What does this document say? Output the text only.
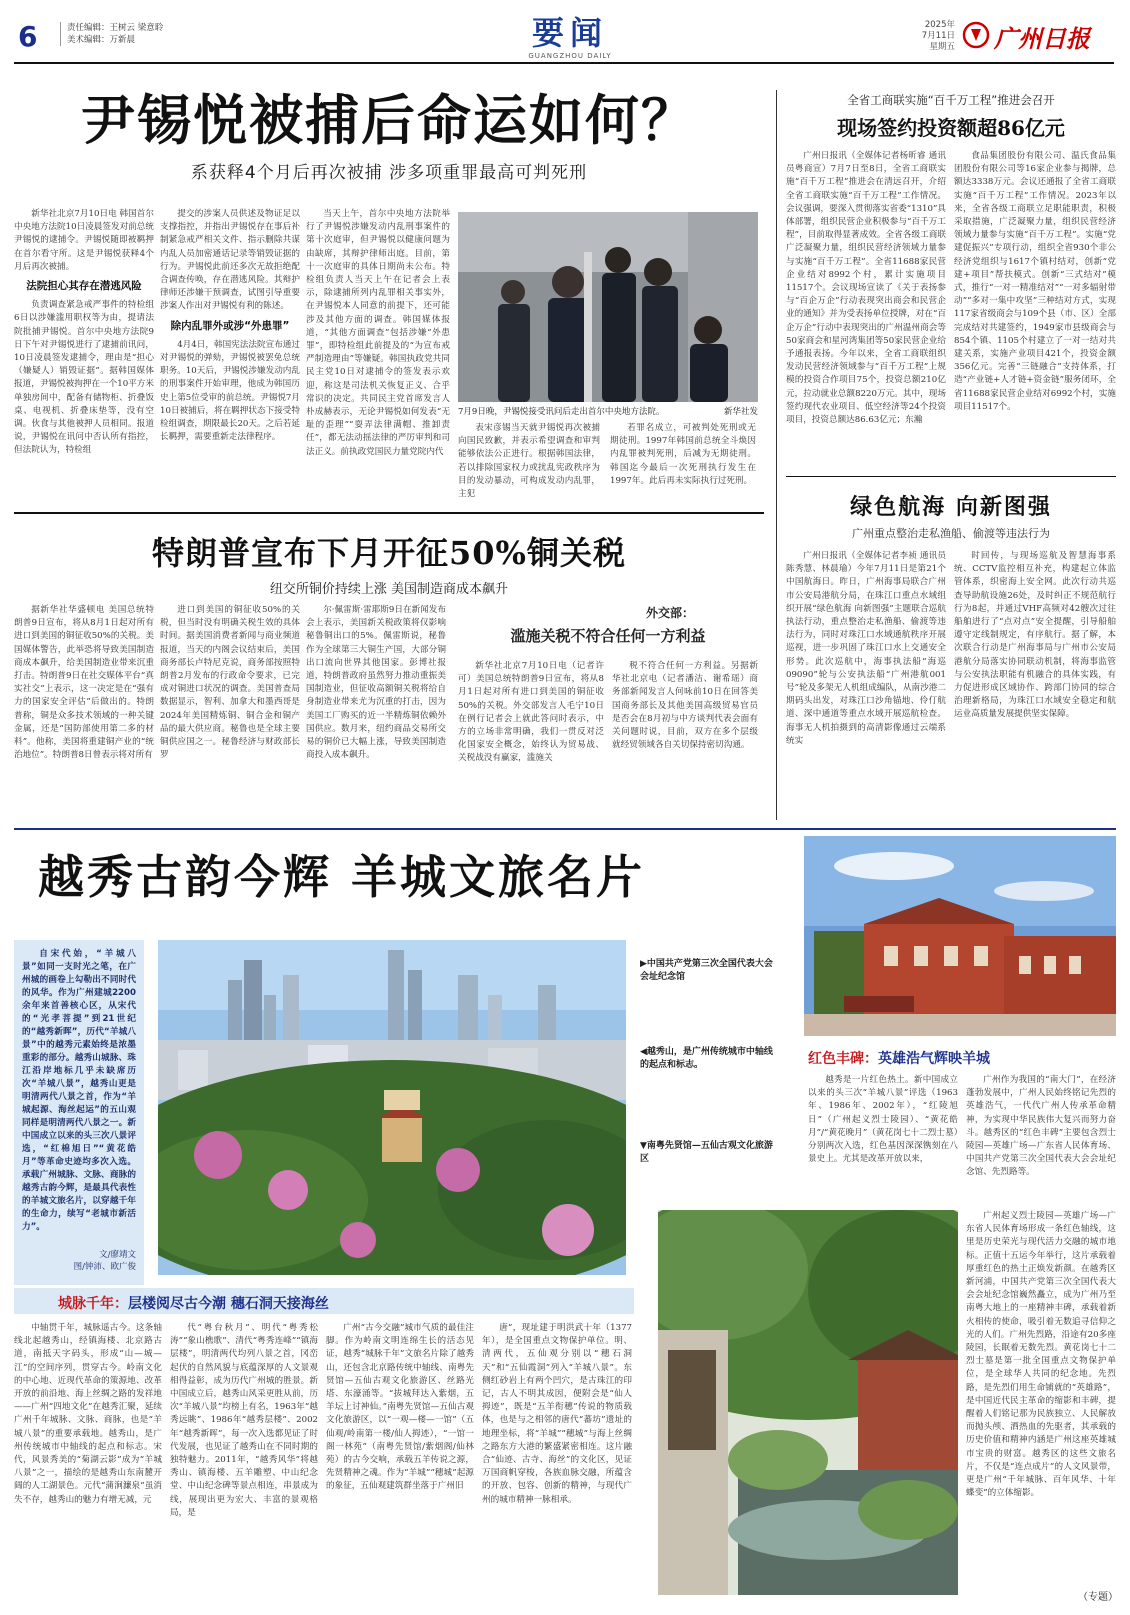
6	责任编辑：王树云 梁意聆
美术编辑：万新晨	要闻
GUANGZHOU DAILY
2025年
7月11日
星期五 广州日报
尹锡悦被捕后命运如何？
系获释4个月后再次被捕 涉多项重罪最高可判死刑

新华社北京7月10日电 韩国首尔中央地方法院10日凌晨签发对前总统尹锡悦的逮捕令。尹锡悦随即被羁押在首尔看守所。这是尹锡悦获释4个月后再次被捕。

法院担心其存在潜逃风险

负责调查紧急戒严事件的特检组6日以涉嫌滥用职权等为由，提请法院批捕尹锡悦。首尔中央地方法院9日下午对尹锡悦进行了逮捕前讯问，10日凌晨签发逮捕令，理由是“担心（嫌疑人）销毁证据”。据韩国媒体报道，尹锡悦被拘押在一个10平方米单独房间中，配备有储物柜、折叠饭桌、电视机、折叠床垫等，没有空调。伙食与其他被押人员相同。报道说，尹锡悦在讯问中否认所有指控，但法院认为，特检组

提交的涉案人员供述及物证足以支撑指控，并指出尹锡悦存在事后补制紧急戒严相关文件、指示删除共谋内乱人员加密通话记录等销毁证据的行为。尹锡悦此前还多次无故拒绝配合调查传唤，存在潜逃风险。其辩护律师还涉嫌干预调查，试图引导重要涉案人作出对尹锡悦有利的陈述。

除内乱罪外或涉“外患罪”

4月4日，韩国宪法法院宣布通过对尹锡悦的弹劾，尹锡悦被罢免总统职务。10天后，尹锡悦涉嫌发动内乱的刑事案件开始审理，他成为韩国历史上第5位受审的前总统。尹锡悦7月10日被捕后，将在羁押状态下接受特检组调查，期限最长20天。之后若延长羁押，需要重新走法律程序。

当天上午，首尔中央地方法院举行了尹锡悦涉嫌发动内乱刑事案件的第十次庭审，但尹锡悦以健康问题为由缺席，其辩护律师出庭。目前，第十一次庭审的具体日期尚未公布。特检组负责人当天上午在记者会上表示，除逮捕所列内乱罪相关事实外，在尹锡悦本人同意的前提下，还可能涉及其他方面的调查。韩国媒体报道，“其他方面调查”包括涉嫌“外患罪”，即特检组此前提及的“为宣布戒严制造理由”等嫌疑。韩国执政党共同民主党10日对逮捕令的签发表示欢迎，称这是司法机关恢复正义、合乎常识的决定。共同民主党首席发言人朴成赫表示，无论尹锡悦如何发表“无耻的歪理”“耍弄法律满帽、推卸责任”，都无法动摇法律的严厉审判和司法正义。前执政党国民力量党院内代

7月9日晚，尹锡悦接受讯问后走出首尔中央地方法院。	新华社发

表宋彦锡当天就尹锡悦再次被捕向国民致歉，并表示希望调查和审判能够依法公正进行。根据韩国法律，若以排除国家权力或扰乱宪政秩序为目的发动暴动，可构成发动内乱罪，主犯

若罪名成立，可被判处死刑或无期徒刑。1997年韩国前总统全斗焕因内乱罪被判死刑，后减为无期徒刑。韩国迄今最后一次死刑执行发生在1997年。此后再未实际执行过死刑。

特朗普宣布下月开征50%铜关税
纽交所铜价持续上涨 美国制造商成本飙升

据新华社华盛顿电 美国总统特朗普9日宣布，将从8月1日起对所有进口到美国的铜征收50%的关税。美国媒体警告，此举恐将导致美国制造商成本飙升，给美国制造业带来沉重打击。特朗普9日在社交媒体平台“真实社交”上表示，这一决定是在“强有力的国家安全评估”后做出的。特朗普称，铜是众多技术领域的一种关键金属，还是“国防部使用第二多的材料”。他称，美国将重建铜产业的“统治地位”。特朗普8日曾表示将对所有

进口到美国的铜征收50%的关税，但当时没有明确关税生效的具体时间。据美国消费者新闻与商业频道报道，当天的内阁会议结束后，美国商务部长卢特尼克说，商务部按照特朗普2月发布的行政命令要求，已完成对铜进口状况的调查。美国普查局数据显示，智利、加拿大和墨西哥是2024年美国精炼铜、铜合金和铜产品的最大供应商。秘鲁也是全球主要铜供应国之一。秘鲁经济与财政部长罗

尔·佩雷斯·雷耶斯9日在新闻发布会上表示，美国新关税政策将仅影响秘鲁铜出口的5%。佩雷斯说，秘鲁作为全球第三大铜生产国，大部分铜出口流向世界其他国家。彭博社报道，特朗普政府虽然努力推动重振美国制造业，但征收高额铜关税将给自身制造业带来尤为沉重的打击，因为美国工厂购买的近一半精炼铜依赖外国供应。数月来，纽约商品交易所交易的铜价已大幅上涨，导致美国制造商投入成本飙升。

外交部：
滥施关税不符合任何一方利益

新华社北京7月10日电（记者许可）美国总统特朗普9日宣布，将从8月1日起对所有进口到美国的铜征收50%的关税。外交部发言人毛宁10日在例行记者会上就此答问时表示，中方的立场非常明确，我们一贯反对泛化国家安全概念，始终认为贸易战、关税战没有赢家，滥施关

税不符合任何一方利益。另据新华社北京电（记者潘洁、谢希瑶）商务部新闻发言人何咏前10日在回答美国商务部长及其他美国高级贸易官员是否会在8月初与中方谈判代表会面有关问题时说，目前，双方在多个层级就经贸领域各自关切保持密切沟通。

全省工商联实施“百千万工程”推进会召开
现场签约投资额超86亿元

广州日报讯（全媒体记者杨昕睿 通讯员粤商宣）7月7日至8日，全省工商联实施“百千万工程”推进会在清远召开，介绍全省工商联实施“百千万工程”工作情况。会议强调，要深入贯彻落实省委“1310”具体部署，组织民营企业积极参与“百千万工程”，目前取得显著成效。全省各级工商联广泛凝聚力量，组织民营经济领域力量参与实施“百千万工程”。全省11688家民营企业结对8992个村，累计实施项目11517个。会议现场宣读了《关于表扬参与“百企万企”行动表现突出商会和民营企业的通知》并为受表扬单位授牌，对在“百企万企”行动中表现突出的广州温州商会等50家商会和星河湾集团等50家民营企业给予通报表扬。今年以来，全省工商联组织发动民营经济领域参与“百千万工程”上规模的投资合作项目75个，投资总额210亿元，拉动就业总额8220万元。其中，现场签约现代农业项目、低空经济等24个投资项目，投资总额达86.63亿元；东瀚

食品集团股份有限公司、温氏食品集团股份有限公司等16家企业参与揭牌，总额达3338万元。会议还通报了全省工商联实施“百千万工程”工作情况。2023年以来，全省各级工商联立足职能职责，积极采取措施，广泛凝聚力量，组织民营经济领域力量参与实施“百千万工程”。实施“党建促振兴”专项行动，组织全省930个非公经济党组织与1617个镇村结对，创新“党建+项目”帮扶模式。创新“三式结对”模式，推行“一对一精准结对”“一对多辐射带动”“多对一集中攻坚”三种结对方式，实现117家省级商会与109个县（市、区）全部完成结对共建签约，1949家市县级商会与854个镇、1105个村建立了一对一结对共建关系，实施产业项目421个，投资金额356亿元。完善“三链融合”支持体系，打造“产业链+人才链+资金链”服务闭环，全省11688家民营企业结对6992个村，实施项目11517个。

绿色航海 向新图强
广州重点整治走私渔船、偷渡等违法行为

广州日报讯（全媒体记者李祯 通讯员陈秀慧、林晨瑜）今年7月11日是第21个中国航海日。昨日，广州海事局联合广州市公安局港航分局，在珠江口重点水域组织开展“绿色航海 向新图强”主题联合巡航执法行动，重点整治走私渔船、偷渡等违法行为，同时对珠江口水域通航秩序开展巡视，进一步巩固了珠江口水上交通安全形势。此次巡航中，海事执法船“海巡09090”轮与公安执法船“广州港航001号”轮及多架无人机组成编队，从南沙港二期码头出发，对珠江口沙角锚地、伶仃航道、深中通道等重点水域开展巡航检查。海事无人机拍摄到的高清影像通过云端系统实

时回传，与现场巡航及智慧海事系统、CCTV监控相互补充，构建起立体监管体系，织密海上安全网。此次行动共巡查导助航设施26处，及时纠正不规范航行行为8起，并通过VHF高频对42艘次过往船舶进行了“点对点”安全提醒，引导船舶遵守定线制规定，有序航行。据了解，本次联合行动是广州海事局与广州市公安局港航分局落实协同联动机制，将海事监管与公安执法职能有机融合的具体实践，有力促进形成区域协作、跨部门协同的综合治理新格局，为珠江口水域安全稳定和航运业高质量发展提供坚实保障。

越秀古韵今辉 羊城文旅名片
自宋代始，“羊城八景”如同一支时光之笔，在广州城的画卷上勾勒出不同时代的风华。作为广州建城2200余年来首善核心区，从宋代的“光孝菩提”到21世纪的“越秀新晖”，历代“羊城八景”中的越秀元素始终是浓墨重彩的部分。越秀山城脉、珠江沿岸地标几乎未缺席历次“羊城八景”，越秀山更是明清两代八景之首，作为“羊城起源、海丝起运”的五山观同样是明清两代八景之一。新中国成立以来的头三次八景评选，“红棉旭日”“黄花皓月”等革命史迹均多次入选。承载广州城脉、文脉、商脉的越秀古韵今辉，是最具代表性的羊城文旅名片，以穿越千年的生命力，续写“老城市新活力”。
文/廖靖文
图/钟沛、欧广俊
▶中国共产党第三次全国代表大会会址纪念馆
◀越秀山，是广州传统城市中轴线的起点和标志。
▼南粤先贤馆—五仙古观文化旅游区
红色丰碑：英雄浩气辉映羊城

越秀是一片红色热土。新中国成立以来的头三次“羊城八景”评选（1963年、1986年、2002年），“红陵旭日”（广州起义烈士陵园）、“黄花皓月”/“黄花晚月”（黄花岗七十二烈士墓）分别两次入选，红色基因深深镌刻在八景史上。尤其是改革开放以来，

广州作为我国的“南大门”，在经济蓬勃发展中，广州人民始终铭记先烈的英雄浩气，一代代广州人传承革命精神，为实现中华民族伟大复兴而努力奋斗。越秀区的“红色丰碑”主要包含烈士陵园—英雄广场—广东省人民体育场、中国共产党第三次全国代表大会会址纪念馆、先烈路等。

广州起义烈士陵园—英雄广场—广东省人民体育场形成一条红色轴线，这里是历史荣光与现代活力交融的城市地标。正值十五运今年举行，这片承载着厚重红色的热土正焕发新颜。在越秀区新河浦，中国共产党第三次全国代表大会会址纪念馆巍然矗立，成为广州乃至南粤大地上的一座精神丰碑，承载着新火相传的使命，吸引着无数追寻信仰之光的人们。广州先烈路，沿途有20多座陵园，长眠着无数先烈。黄花岗七十二烈士墓是第一批全国重点文物保护单位，是全球华人共同的纪念地。先烈路，是先烈们用生命铺就的“英雄路”，是中国近代民主革命的缩影和丰碑，提醒着人们铭记那为民族独立、人民解放而抛头颅、洒热血的先驱者，其承载的历史价值和精神内涵是广州这座英雄城市宝贵的财富。越秀区的这些文旅名片，不仅是“连点成片”的人文风景带，更是广州“千年城脉、百年风华、十年蝶变”的立体缩影。

（专题）
城脉千年：层楼阅尽古今潮 穗石洞天接海丝

中轴贯千年，城脉遥古今。这条轴线北起越秀山，经镇海楼、北京路古道，南抵天字码头，形成“山—城—江”的空间序列，贯穿古今。岭南文化的中心地、近现代革命的策源地、改革开放的前沿地、海上丝绸之路的发祥地——广州“四地文化”在越秀汇聚，延续广州千年城脉、文脉、商脉，也是“羊城八景”的重要承载地。越秀山，是广州传统城市中轴线的起点和标志。宋代，风景秀美的“菊湖云影”成为“羊城八景”之一，描绘的是越秀山东南麓开阔的人工湖景色。元代“蒲涧濂泉”虽消失不存，越秀山的魅力有增无减，元

代“粤台秋月”、明代“粤秀松涛”“象山樵歌”、清代“粤秀连峰”“镇海层楼”，明清两代均列八景之首，冈峦起伏的自然风貌与底蕴深厚的人文景观相得益彰，成为历代广州城的胜景。新中国成立后，越秀山风采更胜从前，历次“羊城八景”均榜上有名，1963年“越秀远眺”、1986年“越秀层楼”、2002年“越秀新晖”，每一次入选都见证了时代发展，也见证了越秀山在不同时期的独特魅力。2011年，“越秀风华”将越秀山、镇海楼、五羊雕塑、中山纪念堂、中山纪念碑等景点相连，串景成为线，展现出更为宏大、丰富的景观格局，是

广州“古今交融”城市气质的最佳注脚。作为岭南文明连绵生长的活态见证，越秀“城脉千年”文旅名片除了越秀山，还包含北京路传统中轴线、南粤先贤馆—五仙古观文化旅游区、丝路光塔、东濠涌等。“拔城拜达入紫烟，五羊坛上讨神仙。”南粤先贤馆—五仙古观文化旅游区，以“一观—楼—一馆”（五仙观/岭南第一楼/仙人拇迹），“一馆一阁一林苑”（南粤先贤馆/紫烟阁/仙林苑）的古今交响，承载五羊传说之源，先贤精神之魂。作为“羊城”“穗城”起源的象征，五仙观建筑群坐落于广州旧

唐”，现址建于明洪武十年（1377年），是全国重点文物保护单位。明、清两代，五仙观分别以“穗石洞天”和“五仙霞洞”列入“羊城八景”。东侧红砂岩上有两个凹穴，是古珠江的印记，古人不明其成因，便附会是“仙人拇迹”，既是“五羊衔穗”传说的物质载体，也是与之相邻的唐代“蕃坊”遗址的地理坐标，将“羊城”“穗城”与海上丝绸之路东方大港的繁盛紧密相连。这片融合“仙迹、古寺、海丝”的文化区，见证万国商帆穿梭，各族血脉交融，所蕴含的开放、包容、创新的精神，与现代广州的城市精神一脉相承。
